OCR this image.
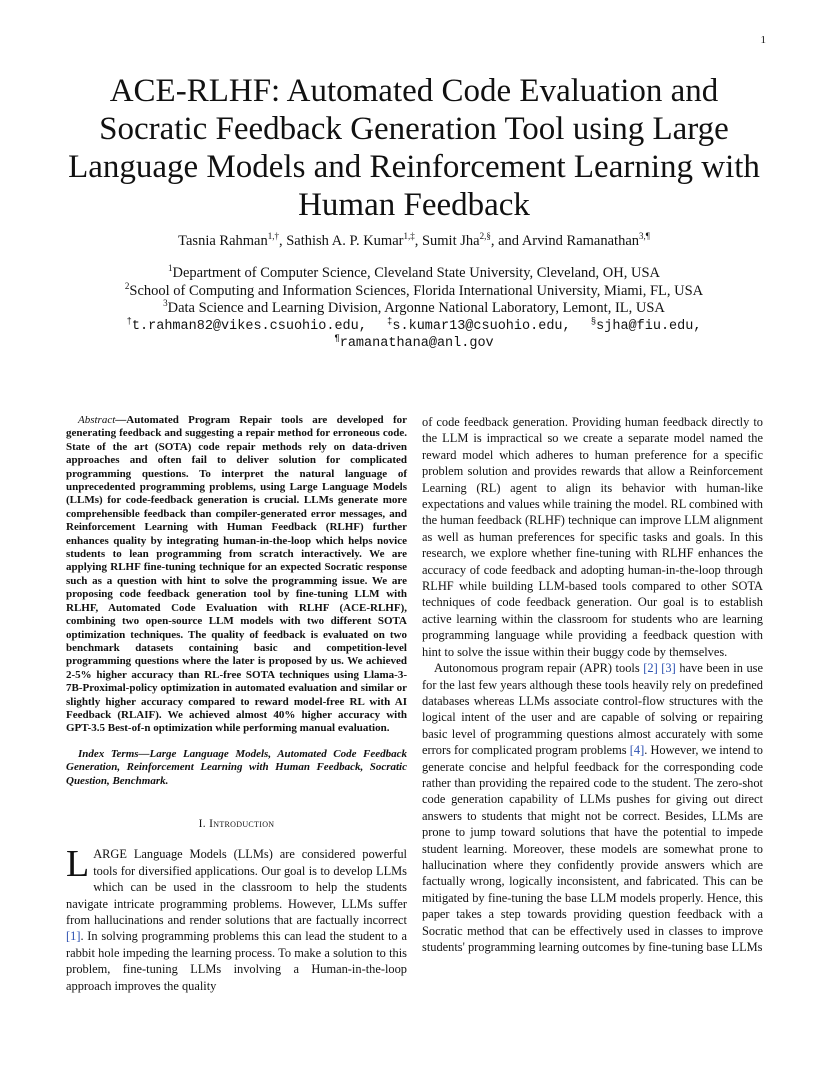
1
ACE-RLHF: Automated Code Evaluation and Socratic Feedback Generation Tool using Large Language Models and Reinforcement Learning with Human Feedback
Tasnia Rahman$^{1,\dagger}$, Sathish A. P. Kumar$^{1,\ddagger}$, Sumit Jha$^{2,\S}$, and Arvind Ramanathan$^{3,\P}$
$^1$Department of Computer Science, Cleveland State University, Cleveland, OH, USA
$^2$School of Computing and Information Sciences, Florida International University, Miami, FL, USA
$^3$Data Science and Learning Division, Argonne National Laboratory, Lemont, IL, USA
†t.rahman82@vikes.csuohio.edu, ‡s.kumar13@csuohio.edu, §sjha@fiu.edu,
¶ramanathana@anl.gov

Abstract—Automated Program Repair tools are developed for generating feedback and suggesting a repair method for erroneous code. State of the art (SOTA) code repair methods rely on data-driven approaches and often fail to deliver solution for complicated programming questions. To interpret the natural language of unprecedented programming problems, using Large Language Models (LLMs) for code-feedback generation is crucial. LLMs generate more comprehensible feedback than compiler-generated error messages, and Reinforcement Learning with Human Feedback (RLHF) further enhances quality by integrating human-in-the-loop which helps novice students to lean programming from scratch interactively. We are applying RLHF fine-tuning technique for an expected Socratic response such as a question with hint to solve the programming issue. We are proposing code feedback generation tool by fine-tuning LLM with RLHF, Automated Code Evaluation with RLHF (ACE-RLHF), combining two open-source LLM models with two different SOTA optimization techniques. The quality of feedback is evaluated on two benchmark datasets containing basic and competition-level programming questions where the later is proposed by us. We achieved 2-5% higher accuracy than RL-free SOTA techniques using Llama-3-7B-Proximal-policy optimization in automated evaluation and similar or slightly higher accuracy compared to reward model-free RL with AI Feedback (RLAIF). We achieved almost 40% higher accuracy with GPT-3.5 Best-of-n optimization while performing manual evaluation.

Index Terms—Large Language Models, Automated Code Feedback Generation, Reinforcement Learning with Human Feedback, Socratic Question, Benchmark.

I. Introduction

LARGE Language Models (LLMs) are considered powerful tools for diversified applications. Our goal is to develop LLMs which can be used in the classroom to help the students navigate intricate programming problems. However, LLMs suffer from hallucinations and render solutions that are factually incorrect [1]. In solving programming problems this can lead the student to a rabbit hole impeding the learning process. To make a solution to this problem, fine-tuning LLMs involving a Human-in-the-loop approach improves the quality

of code feedback generation. Providing human feedback directly to the LLM is impractical so we create a separate model named the reward model which adheres to human preference for a specific problem solution and provides rewards that allow a Reinforcement Learning (RL) agent to align its behavior with human-like expectations and values while training the model. RL combined with the human feedback (RLHF) technique can improve LLM alignment as well as human preferences for specific tasks and goals. In this research, we explore whether fine-tuning with RLHF enhances the accuracy of code feedback and adopting human-in-the-loop through RLHF while building LLM-based tools compared to other SOTA techniques of code feedback generation. Our goal is to establish active learning within the classroom for students who are learning programming language while providing a feedback question with hint to solve the issue within their buggy code by themselves.

Autonomous program repair (APR) tools [2] [3] have been in use for the last few years although these tools heavily rely on predefined databases whereas LLMs associate control-flow structures with the logical intent of the user and are capable of solving or repairing basic level of programming questions almost accurately with some errors for complicated program problems [4]. However, we intend to generate concise and helpful feedback for the corresponding code rather than providing the repaired code to the student. The zero-shot code generation capability of LLMs pushes for giving out direct answers to students that might not be correct. Besides, LLMs are prone to jump toward solutions that have the potential to impede student learning. Moreover, these models are somewhat prone to hallucination where they confidently provide answers which are factually wrong, logically inconsistent, and fabricated. This can be mitigated by fine-tuning the base LLM models properly. Hence, this paper takes a step towards providing question feedback with a Socratic method that can be effectively used in classes to improve students' programming learning outcomes by fine-tuning base LLMs
